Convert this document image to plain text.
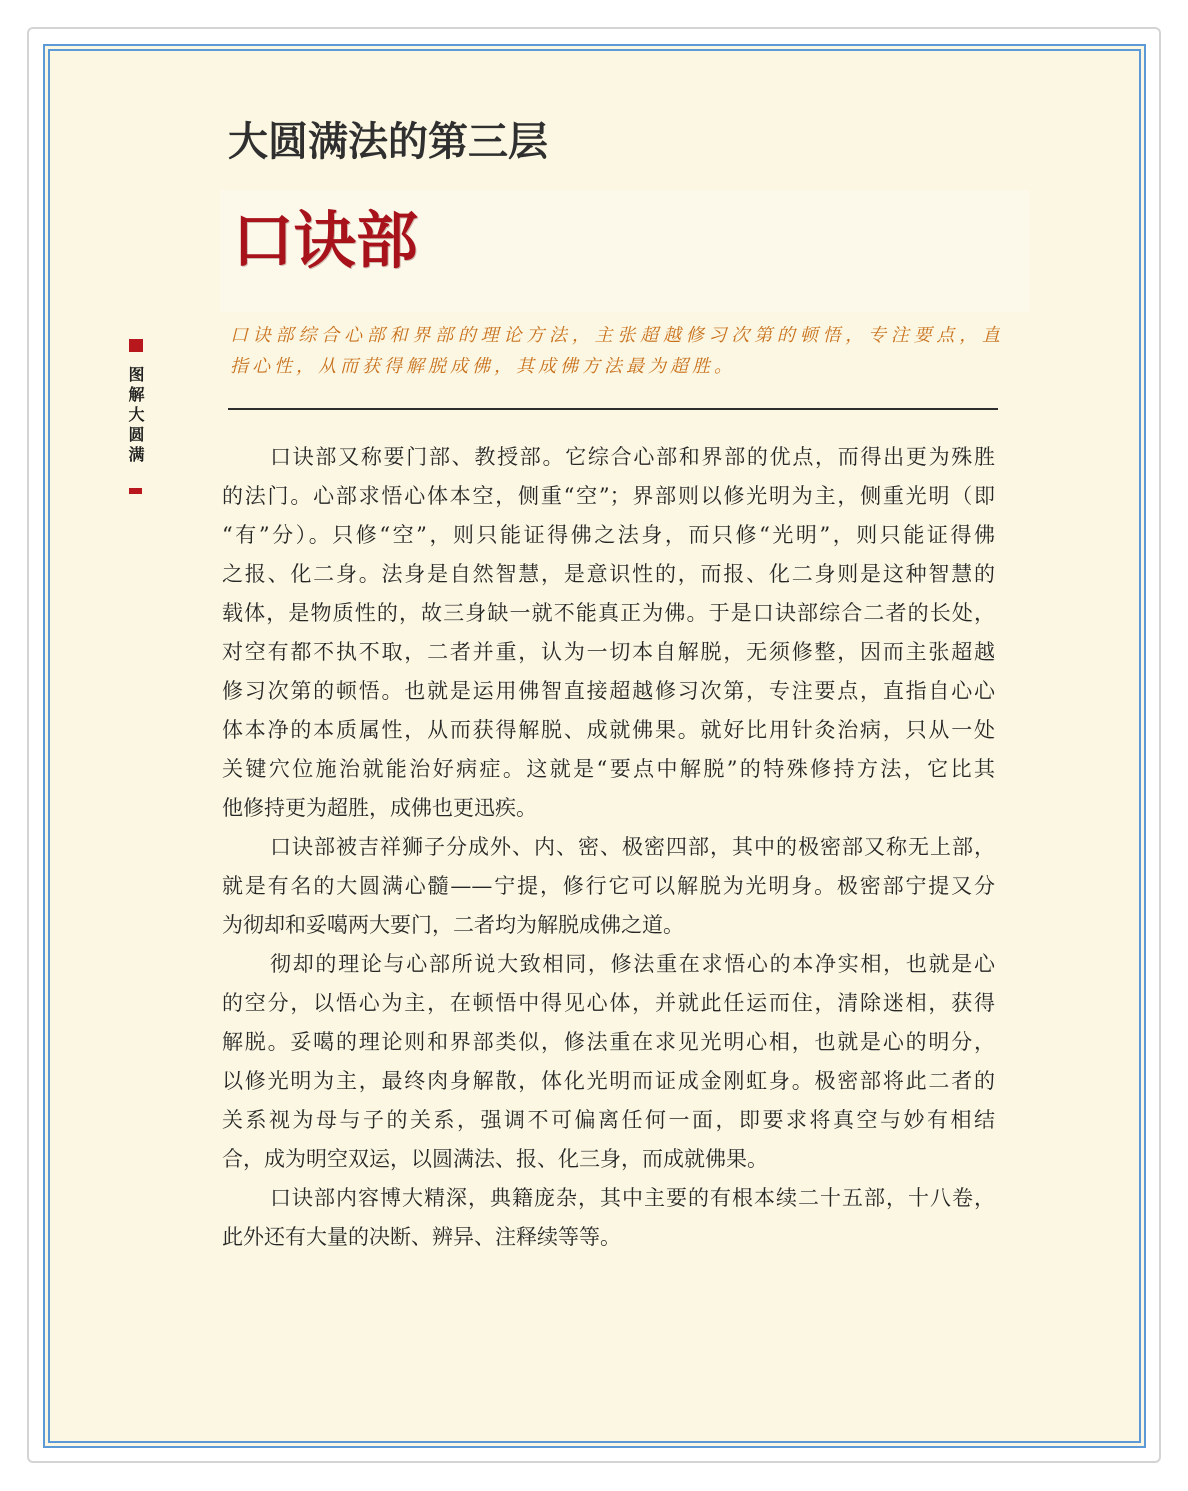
大圆满法的第三层
口诀部
口诀部综合心部和界部的理论方法，主张超越修习次第的顿悟，专注要点，直
指心性，从而获得解脱成佛，其成佛方法最为超胜。
图解大圆满	口诀部又称要门部、教授部。它综合心部和界部的优点，而得出更为殊胜
的法门。心部求悟心体本空，侧重“空”；界部则以修光明为主，侧重光明（即
“有”分）。只修“空”，则只能证得佛之法身，而只修“光明”，则只能证得佛
之报、化二身。法身是自然智慧，是意识性的，而报、化二身则是这种智慧的
载体，是物质性的，故三身缺一就不能真正为佛。于是口诀部综合二者的长处，
对空有都不执不取，二者并重，认为一切本自解脱，无须修整，因而主张超越
修习次第的顿悟。也就是运用佛智直接超越修习次第，专注要点，直指自心心
体本净的本质属性，从而获得解脱、成就佛果。就好比用针灸治病，只从一处
关键穴位施治就能治好病症。这就是“要点中解脱”的特殊修持方法，它比其
他修持更为超胜，成佛也更迅疾。
口诀部被吉祥狮子分成外、内、密、极密四部，其中的极密部又称无上部，
就是有名的大圆满心髓——宁提，修行它可以解脱为光明身。极密部宁提又分
为彻却和妥噶两大要门，二者均为解脱成佛之道。
彻却的理论与心部所说大致相同，修法重在求悟心的本净实相，也就是心
的空分，以悟心为主，在顿悟中得见心体，并就此任运而住，清除迷相，获得
解脱。妥噶的理论则和界部类似，修法重在求见光明心相，也就是心的明分，
以修光明为主，最终肉身解散，体化光明而证成金刚虹身。极密部将此二者的
关系视为母与子的关系，强调不可偏离任何一面，即要求将真空与妙有相结
合，成为明空双运，以圆满法、报、化三身，而成就佛果。
口诀部内容博大精深，典籍庞杂，其中主要的有根本续二十五部，十八卷，
此外还有大量的决断、辨异、注释续等等。
